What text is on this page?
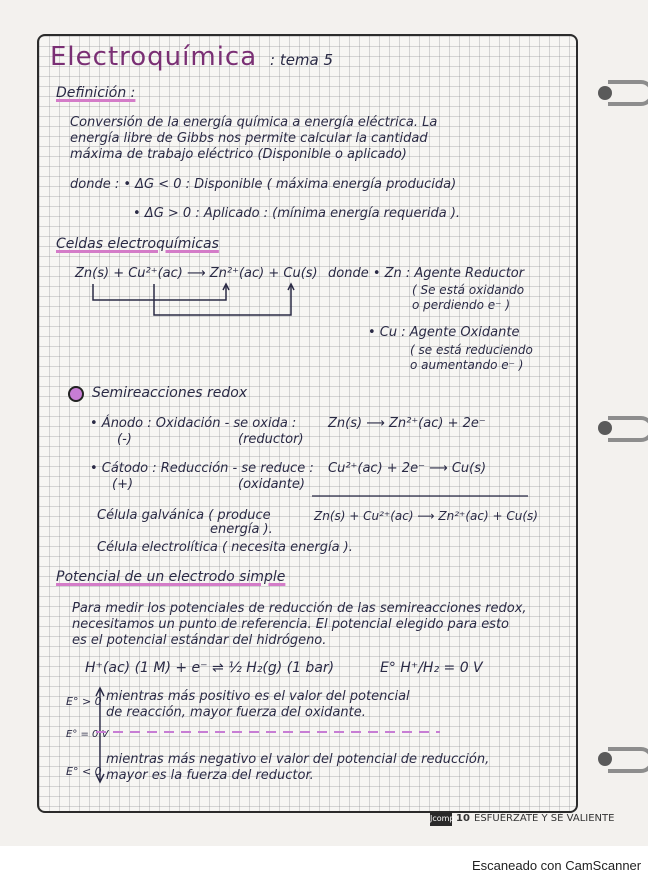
Electroquímica : tema 5
Definición :
Conversión de la energía química a energía eléctrica. La
energía libre de Gibbs nos permite calcular la cantidad
máxima de trabajo eléctrico (Disponible o aplicado)
donde : • ΔG < 0 : Disponible ( máxima energía producida)
• ΔG > 0 : Aplicado : (mínima energía requerida ).
Celdas electroquímicas
Zn(s) + Cu²⁺(ac) ⟶ Zn²⁺(ac) + Cu(s) donde • Zn : Agente Reductor
( Se está oxidando
o perdiendo e⁻ )
• Cu : Agente Oxidante
( se está reduciendo
o aumentando e⁻ )
Semireacciones redox
• Ánodo : Oxidación - se oxida :
(-)	(reductor)
Zn(s) ⟶ Zn²⁺(ac) + 2e⁻
• Cátodo : Reducción - se reduce :
(+)	(oxidante)
Cu²⁺(ac) + 2e⁻ ⟶ Cu(s)
Célula galvánica ( produce
energía ).
Zn(s) + Cu²⁺(ac) ⟶ Zn²⁺(ac) + Cu(s)
Célula electrolítica ( necesita energía ).
Potencial de un electrodo simple
Para medir los potenciales de reducción de las semireacciones redox,
necesitamos un punto de referencia. El potencial elegido para esto
es el potencial estándar del hidrógeno.
H⁺(ac) (1 M) + e⁻ ⇌ ½ H₂(g) (1 bar)	E° H⁺/H₂ = 0 V
E° > 0 mientras más positivo es el valor del potencial
de reacción, mayor fuerza del oxidante.
E° = 0 V
E° < 0
mientras más negativo el valor del potencial de reducción,
mayor es la fuerza del reductor.
Jcomp 10 ESFUÉRZATE Y SÉ VALIENTE
Escaneado con CamScanner
